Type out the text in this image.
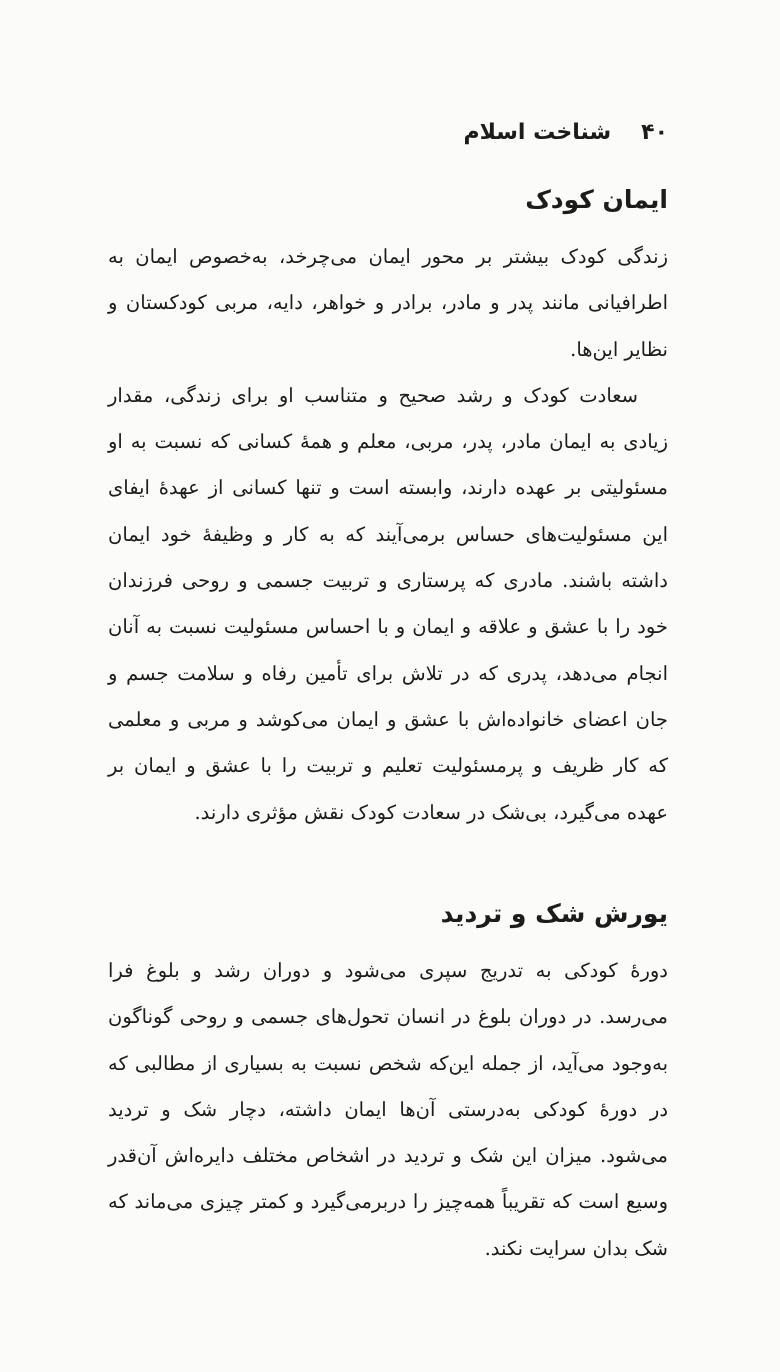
۴۰
شناخت اسلام
ایمان کودک

زندگی کودک بیشتر بر محور ایمان می‌چرخد، به‌خصوص ایمان به اطرافیانی مانند پدر و مادر، برادر و خواهر، دایه، مربی کودکستان و نظایر این‌ها.

سعادت کودک و رشد صحیح و متناسب او برای زندگی، مقدار زیادی به ایمان مادر، پدر، مربی، معلم و همهٔ کسانی که نسبت به او مسئولیتی بر عهده دارند، وابسته است و تنها کسانی از عهدهٔ ایفای این مسئولیت‌های حساس برمی‌آیند که به کار و وظیفهٔ خود ایمان داشته باشند. مادری که پرستاری و تربیت جسمی و روحی فرزندان خود را با عشق و علاقه و ایمان و با احساس مسئولیت نسبت به آنان انجام می‌دهد، پدری که در تلاش برای تأمین رفاه و سلامت جسم و جان اعضای خانواده‌اش با عشق و ایمان می‌کوشد و مربی و معلمی که کار ظریف و پرمسئولیت تعلیم و تربیت را با عشق و ایمان بر عهده می‌گیرد، بی‌شک در سعادت کودک نقش مؤثری دارند.

یورش شک و تردید

دورهٔ کودکی به تدریج سپری می‌شود و دوران رشد و بلوغ فرا می‌رسد. در دوران بلوغ در انسان تحول‌های جسمی و روحی گوناگون به‌وجود می‌آید، از جمله این‌که شخص نسبت به بسیاری از مطالبی که در دورهٔ کودکی به‌درستی آن‌ها ایمان داشته، دچار شک و تردید می‌شود. میزان این شک و تردید در اشخاص مختلف دایره‌اش آن‌قدر وسیع است که تقریباً همه‌چیز را دربرمی‌گیرد و کمتر چیزی می‌ماند که شک بدان سرایت نکند.
